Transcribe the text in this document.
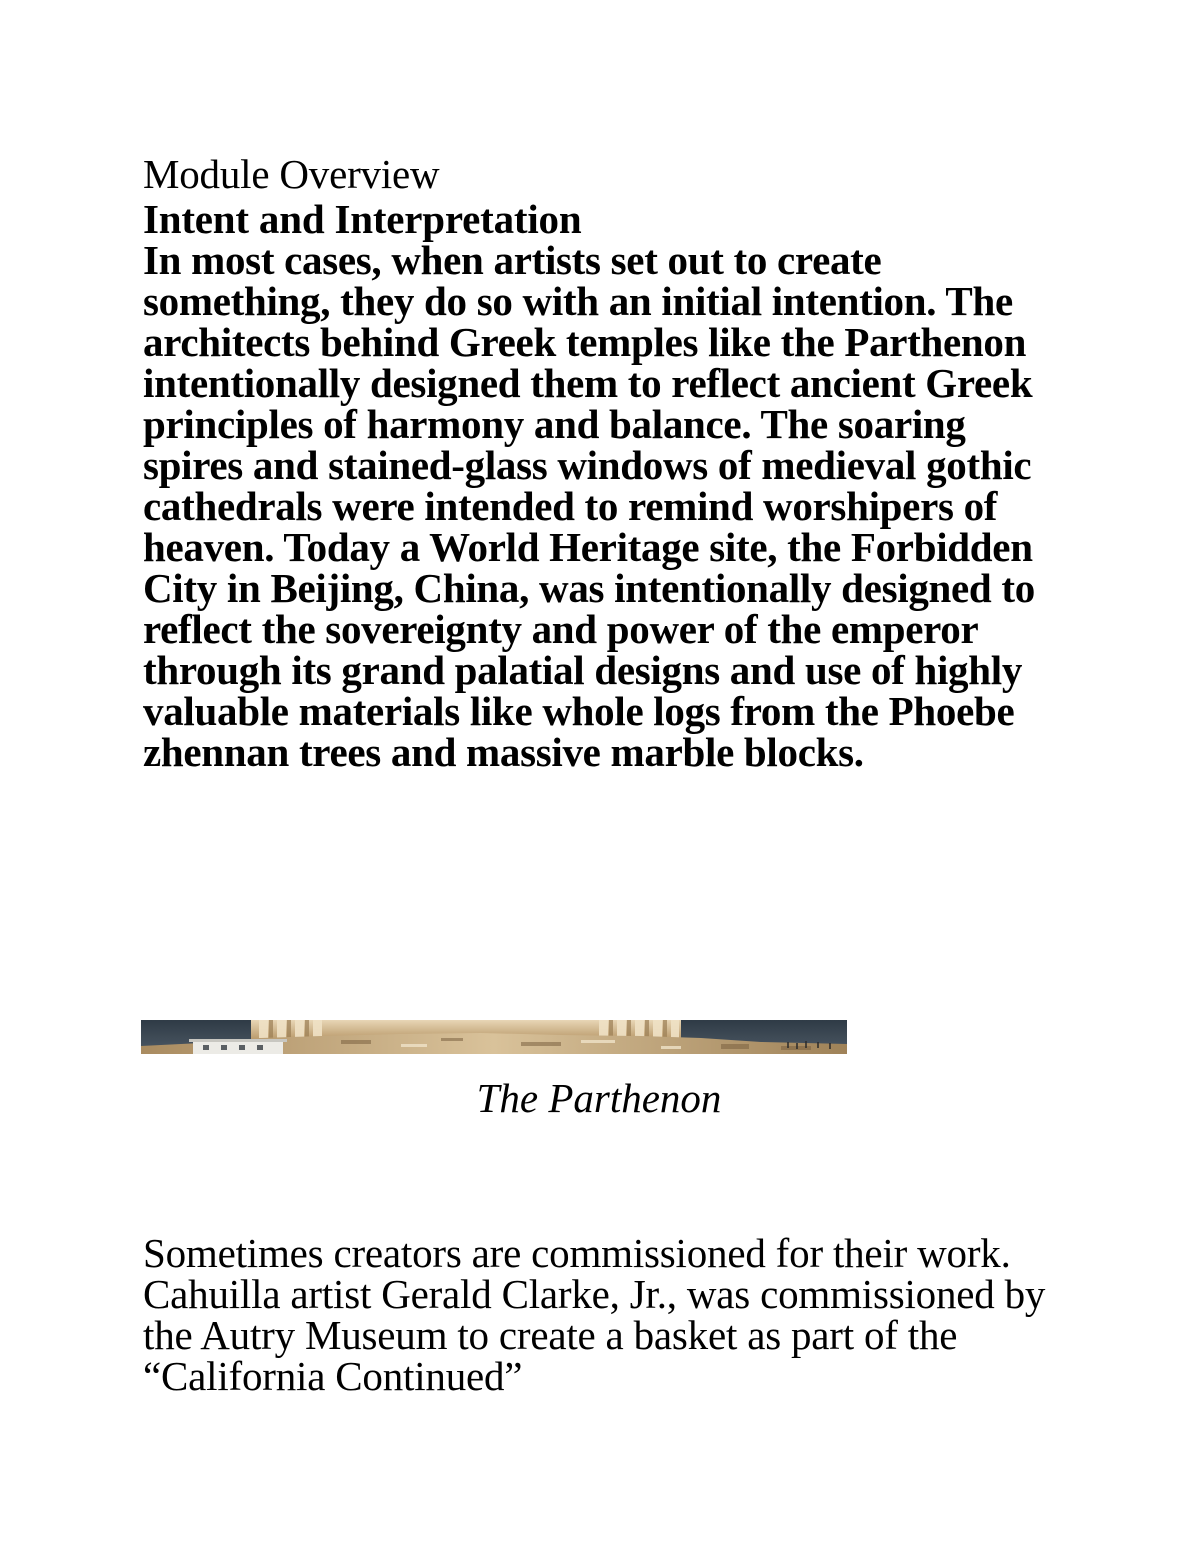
Module Overview

Intent and Interpretation

In most cases, when artists set out to create something, they do so with an initial intention. The architects behind Greek temples like the Parthenon intentionally designed them to reflect ancient Greek principles of harmony and balance. The soaring spires and stained-glass windows of medieval gothic cathedrals were intended to remind worshipers of heaven. Today a World Heritage site, the Forbidden City in Beijing, China, was intentionally designed to reflect the sovereignty and power of the emperor through its grand palatial designs and use of highly valuable materials like whole logs from the Phoebe zhennan trees and massive marble blocks.

The Parthenon

Sometimes creators are commissioned for their work. Cahuilla artist Gerald Clarke, Jr., was commissioned by the Autry Museum to create a basket as part of the “California Continued”
